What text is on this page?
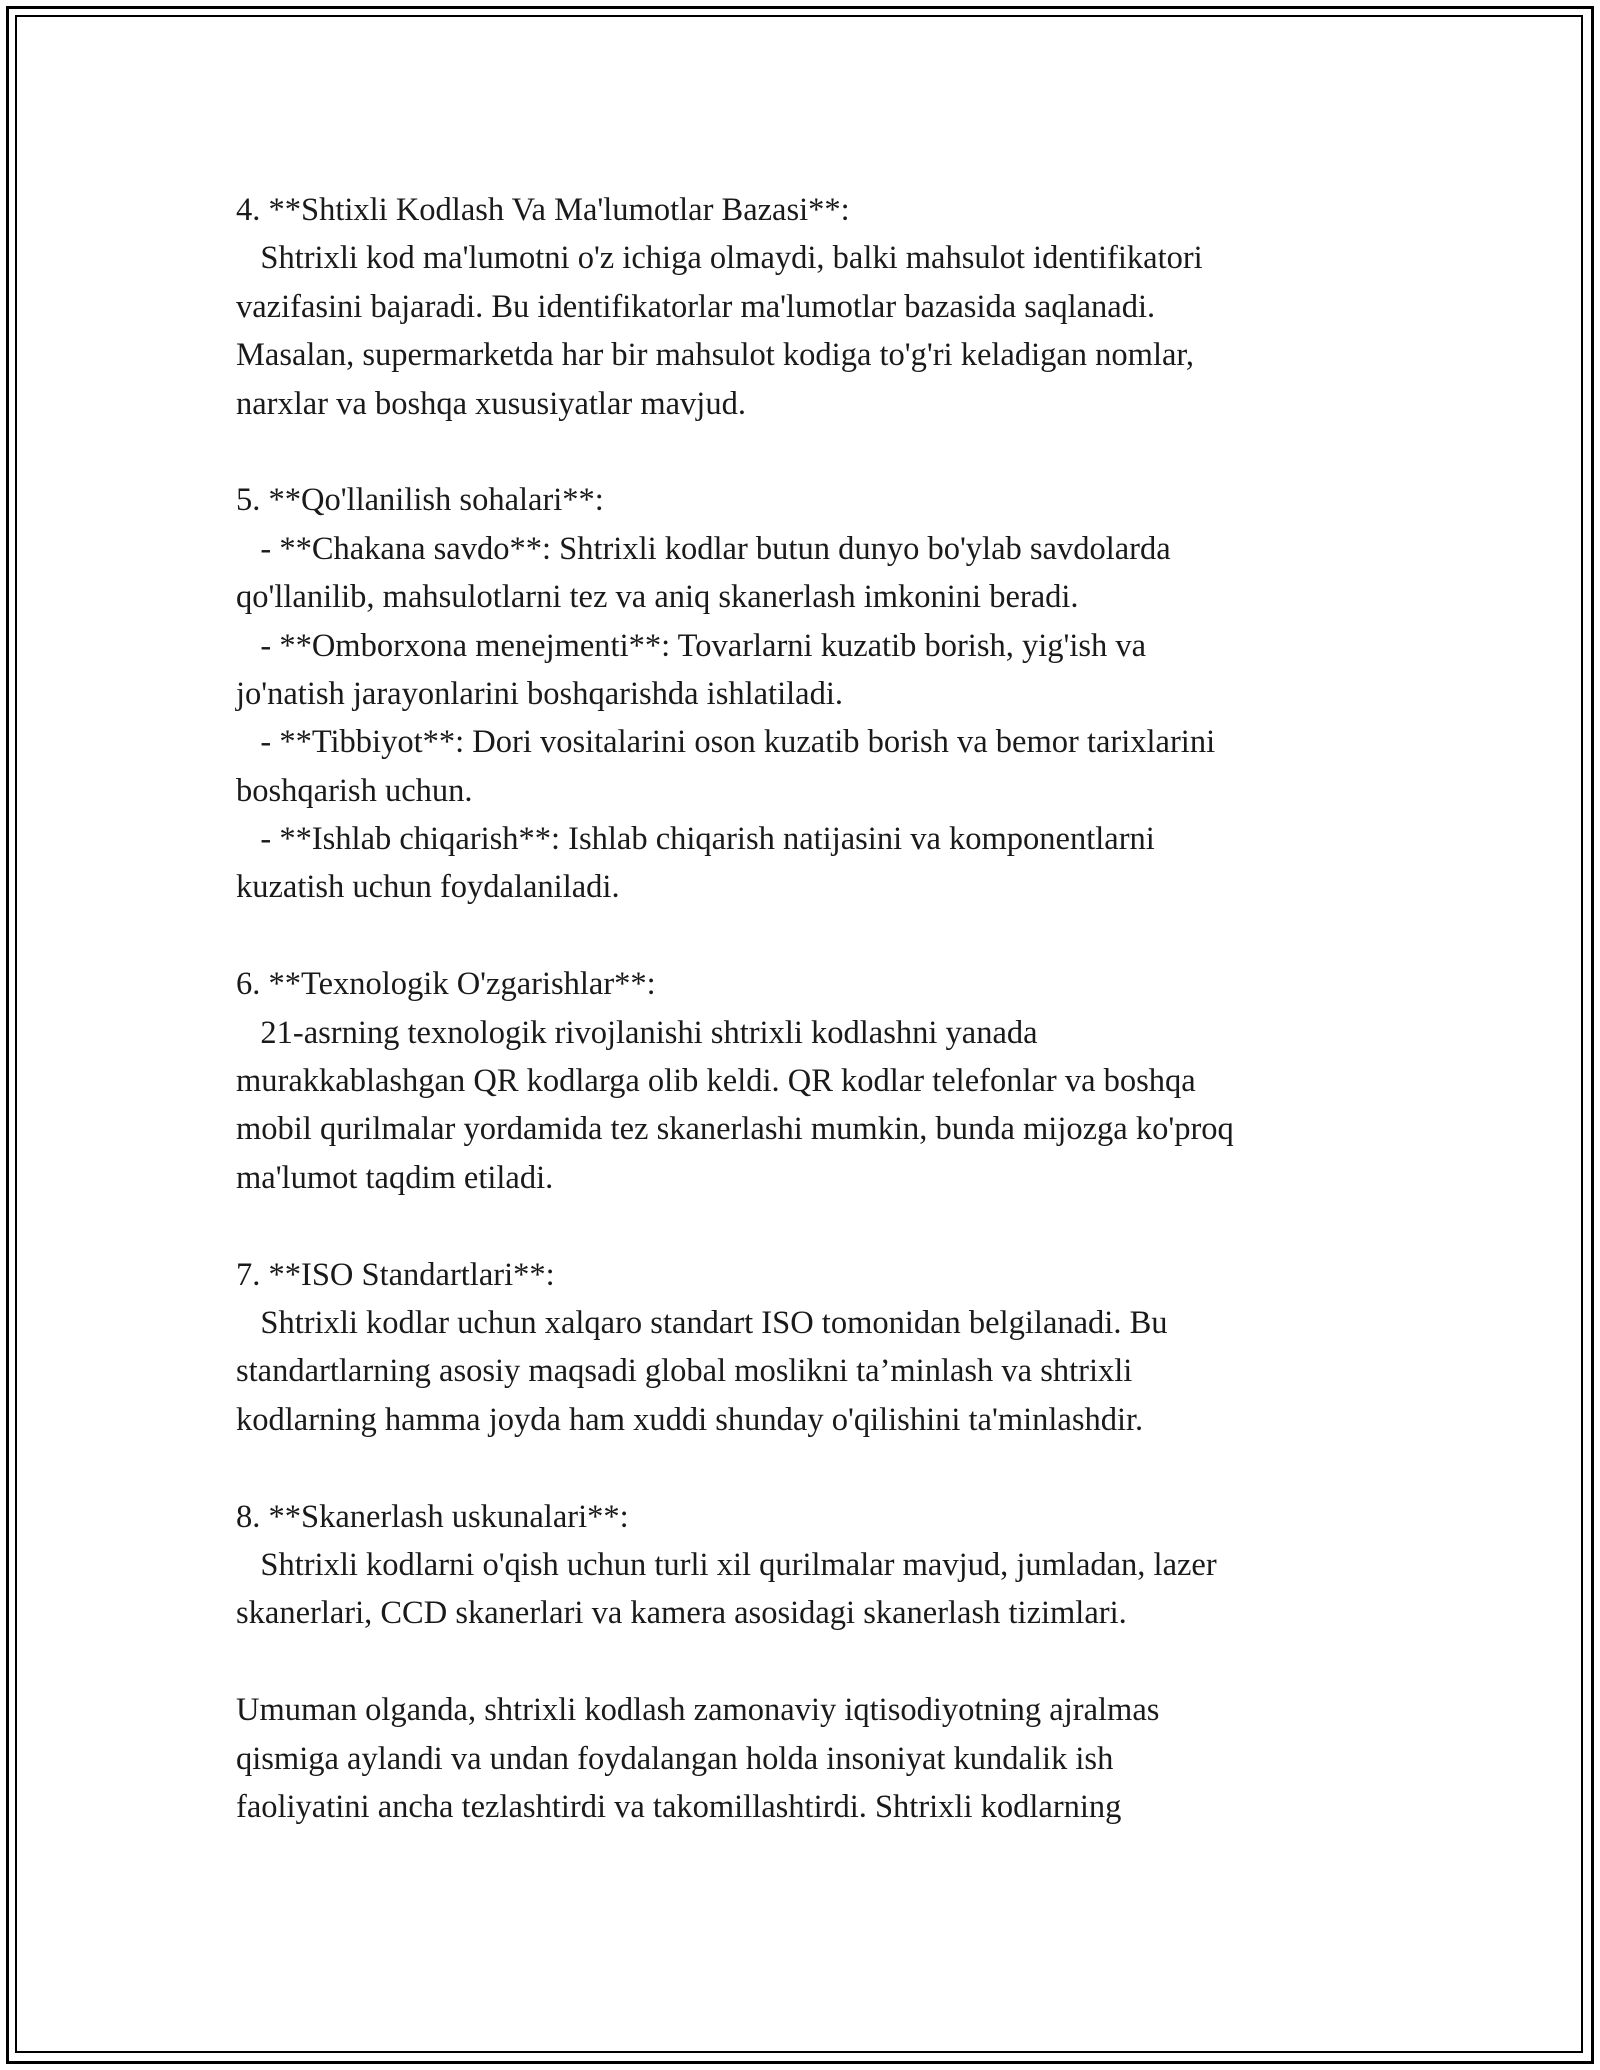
4. **Shtixli Kodlash Va Ma'lumotlar Bazasi**:
Shtrixli kod ma'lumotni o'z ichiga olmaydi, balki mahsulot identifikatori
vazifasini bajaradi. Bu identifikatorlar ma'lumotlar bazasida saqlanadi.
Masalan, supermarketda har bir mahsulot kodiga to'g'ri keladigan nomlar,
narxlar va boshqa xususiyatlar mavjud.
5. **Qo'llanilish sohalari**:
- **Chakana savdo**: Shtrixli kodlar butun dunyo bo'ylab savdolarda
qo'llanilib, mahsulotlarni tez va aniq skanerlash imkonini beradi.
- **Omborxona menejmenti**: Tovarlarni kuzatib borish, yig'ish va
jo'natish jarayonlarini boshqarishda ishlatiladi.
- **Tibbiyot**: Dori vositalarini oson kuzatib borish va bemor tarixlarini
boshqarish uchun.
- **Ishlab chiqarish**: Ishlab chiqarish natijasini va komponentlarni
kuzatish uchun foydalaniladi.
6. **Texnologik O'zgarishlar**:
21-asrning texnologik rivojlanishi shtrixli kodlashni yanada
murakkablashgan QR kodlarga olib keldi. QR kodlar telefonlar va boshqa
mobil qurilmalar yordamida tez skanerlashi mumkin, bunda mijozga ko'proq
ma'lumot taqdim etiladi.
7. **ISO Standartlari**:
Shtrixli kodlar uchun xalqaro standart ISO tomonidan belgilanadi. Bu
standartlarning asosiy maqsadi global moslikni ta’minlash va shtrixli
kodlarning hamma joyda ham xuddi shunday o'qilishini ta'minlashdir.
8. **Skanerlash uskunalari**:
Shtrixli kodlarni o'qish uchun turli xil qurilmalar mavjud, jumladan, lazer
skanerlari, CCD skanerlari va kamera asosidagi skanerlash tizimlari.
Umuman olganda, shtrixli kodlash zamonaviy iqtisodiyotning ajralmas
qismiga aylandi va undan foydalangan holda insoniyat kundalik ish
faoliyatini ancha tezlashtirdi va takomillashtirdi. Shtrixli kodlarning
